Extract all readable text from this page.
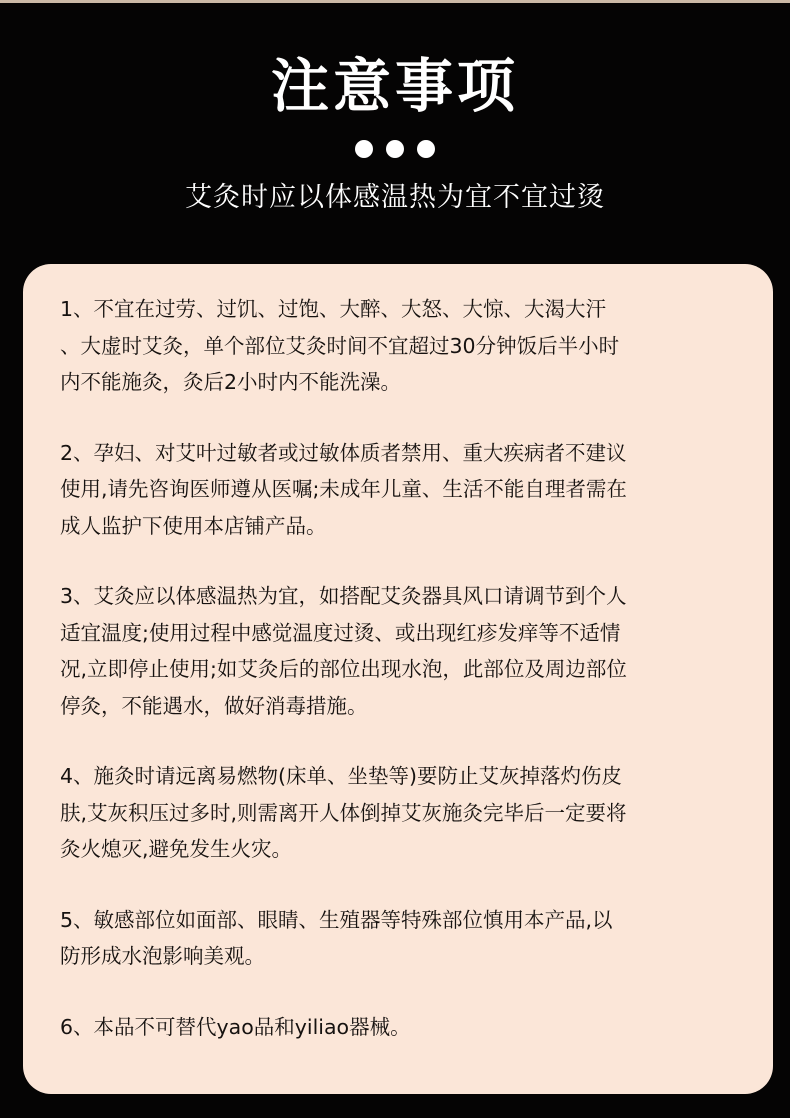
注意事项
艾灸时应以体感温热为宜不宜过烫
1、不宜在过劳、过饥、过饱、大醉、大怒、大惊、大渴大汗
、大虚时艾灸，单个部位艾灸时间不宜超过30分钟饭后半小时
内不能施灸，灸后2小时内不能洗澡。
2、孕妇、对艾叶过敏者或过敏体质者禁用、重大疾病者不建议
使用,请先咨询医师遵从医嘱;未成年儿童、生活不能自理者需在
成人监护下使用本店铺产品。
3、艾灸应以体感温热为宜，如搭配艾灸器具风口请调节到个人
适宜温度;使用过程中感觉温度过烫、或出现红疹发痒等不适情
况,立即停止使用;如艾灸后的部位出现水泡，此部位及周边部位
停灸，不能遇水，做好消毒措施。
4、施灸时请远离易燃物(床单、坐垫等)要防止艾灰掉落灼伤皮
肤,艾灰积压过多时,则需离开人体倒掉艾灰施灸完毕后一定要将
灸火熄灭,避免发生火灾。
5、敏感部位如面部、眼睛、生殖器等特殊部位慎用本产品,以
防形成水泡影响美观。
6、本品不可替代yao品和yiliao器械。
